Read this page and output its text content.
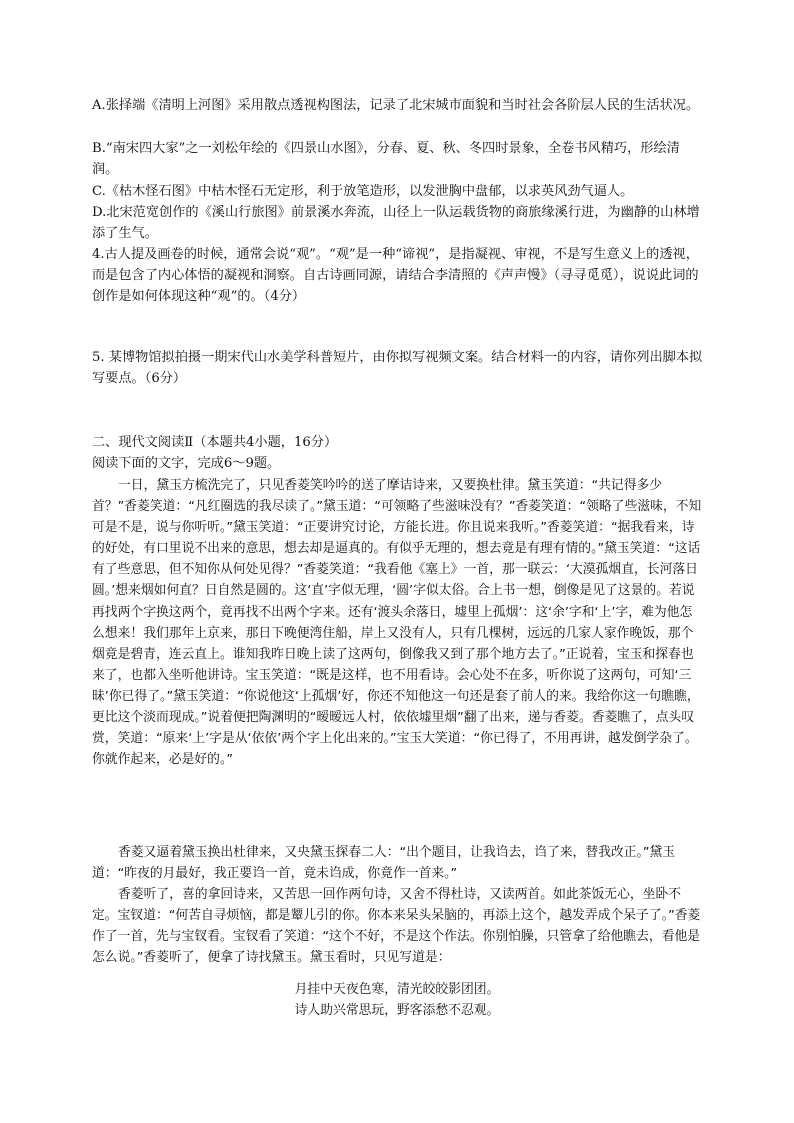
A.张择端《清明上河图》采用散点透视构图法，记录了北宋城市面貌和当时社会各阶层人民的生活状况。

B.“南宋四大家”之一刘松年绘的《四景山水图》，分春、夏、秋、冬四时景象，全卷书风精巧，形绘清润。

C.《枯木怪石图》中枯木怪石无定形，利于放笔造形，以发泄胸中盘郁，以求英风劲气逼人。

D.北宋范宽创作的《溪山行旅图》前景溪水奔流，山径上一队运载货物的商旅缘溪行进，为幽静的山林增添了生气。

4.古人提及画卷的时候，通常会说“观”。“观”是一种“谛视”，是指凝视、审视，不是写生意义上的透视，而是包含了内心体悟的凝视和洞察。自古诗画同源，请结合李清照的《声声慢》（寻寻觅觅），说说此词的创作是如何体现这种“观”的。（4分）

5. 某博物馆拟拍摄一期宋代山水美学科普短片，由你拟写视频文案。结合材料一的内容，请你列出脚本拟写要点。（6分）

二、现代文阅读Ⅱ（本题共4小题，16分）

阅读下面的文字，完成6～9题。

一日，黛玉方梳洗完了，只见香菱笑吟吟的送了摩诘诗来，又要换杜律。黛玉笑道：“共记得多少首？”香菱笑道：“凡红圈选的我尽读了。”黛玉道：“可领略了些滋味没有？”香菱笑道：“领略了些滋味，不知可是不是，说与你听听。”黛玉笑道：“正要讲究讨论，方能长进。你且说来我听。”香菱笑道：“据我看来，诗的好处，有口里说不出来的意思，想去却是逼真的。有似乎无理的，想去竟是有理有情的。”黛玉笑道：“这话有了些意思，但不知你从何处见得？”香菱笑道：“我看他《塞上》一首，那一联云：‘大漠孤烟直，长河落日圆。’想来烟如何直？日自然是圆的。这‘直’字似无理，‘圆’字似太俗。合上书一想，倒像是见了这景的。若说再找两个字换这两个，竟再找不出两个字来。还有‘渡头余落日，墟里上孤烟’：这‘余’字和‘上’字，难为他怎么想来！我们那年上京来，那日下晚便湾住船，岸上又没有人，只有几棵树，远远的几家人家作晚饭，那个烟竟是碧青，连云直上。谁知我昨日晚上读了这两句，倒像我又到了那个地方去了。”正说着，宝玉和探春也来了，也都入坐听他讲诗。宝玉笑道：“既是这样，也不用看诗。会心处不在多，听你说了这两句，可知‘三昧’你已得了。”黛玉笑道：“你说他这‘上孤烟’好，你还不知他这一句还是套了前人的来。我给你这一句瞧瞧，更比这个淡而现成。”说着便把陶渊明的“暧暧远人村，依依墟里烟”翻了出来，递与香菱。香菱瞧了，点头叹赏，笑道：“原来‘上’字是从‘依依’两个字上化出来的。”宝玉大笑道：“你已得了，不用再讲，越发倒学杂了。你就作起来，必是好的。”

香菱又逼着黛玉换出杜律来，又央黛玉探春二人：“出个题目，让我诌去，诌了来，替我改正。”黛玉道：“昨夜的月最好，我正要诌一首，竟未诌成，你竟作一首来。”

香菱听了，喜的拿回诗来，又苦思一回作两句诗，又舍不得杜诗，又读两首。如此茶饭无心，坐卧不定。宝钗道：“何苦自寻烦恼，都是颦儿引的你。你本来呆头呆脑的，再添上这个，越发弄成个呆子了。”香菱作了一首，先与宝钗看。宝钗看了笑道：“这个不好，不是这个作法。你别怕臊，只管拿了给他瞧去，看他是怎么说。”香菱听了，便拿了诗找黛玉。黛玉看时，只见写道是：

月挂中天夜色寒，清光皎皎影团团。

诗人助兴常思玩，野客添愁不忍观。
